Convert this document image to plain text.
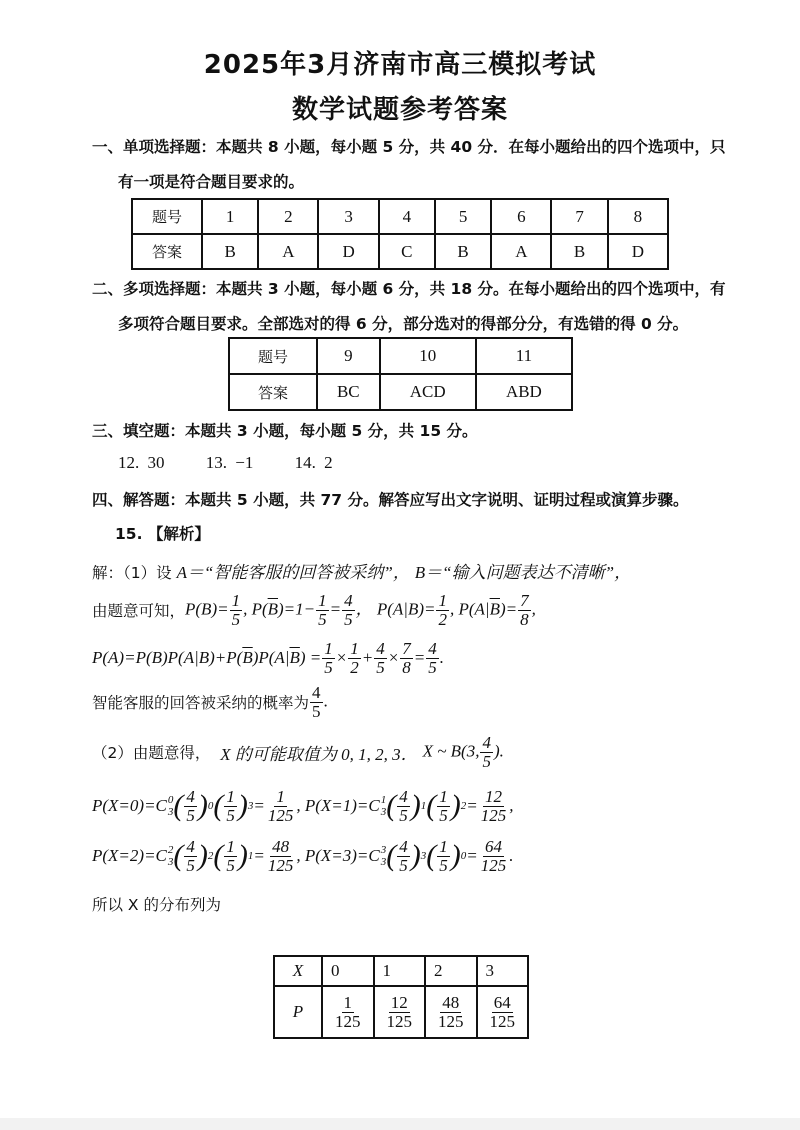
2025年3月济南市高三模拟考试
数学试题参考答案
一、单项选择题：本题共 8 小题，每小题 5 分，共 40 分．在每小题给出的四个选项中，只
有一项是符合题目要求的。
题号	1	2	3	4	5	6	7	8
答案	B	A	D	C	B	A	B	D
二、多项选择题：本题共 3 小题，每小题 6 分，共 18 分。在每小题给出的四个选项中，有
多项符合题目要求。全部选对的得 6 分，部分选对的得部分分，有选错的得 0 分。
题号	9	10	11
答案	BC	ACD	ABD
三、填空题：本题共 3 小题，每小题 5 分，共 15 分。
12. 30 13. −1 14. 2
四、解答题：本题共 5 小题，共 77 分。解答应写出文字说明、证明过程或演算步骤。
15. 【解析】
解：（1）设 A＝“智能客服的回答被采纳”， B＝“输入问题表达不清晰”，
由题意可知， $P(B)= \frac{1}{5}$ , $P(\overline{B})=1- \frac{1}{5} = \frac{4}{5}$ ， $P(A|B)= \frac{1}{2}$ , $P(A|\overline{B})= \frac{7}{8}$ ,
P(A)=P(B)P(A|B)+P( $\overline{B}$ )P(A| $\overline{B}$ ) = $\frac{1}{5} \times \frac{1}{2} + \frac{4}{5} \times \frac{7}{8} = \frac{4}{5}$ .
智能客服的回答被采纳的概率为 $\frac{4}{5}$ .
（2）由题意得，
X 的可能取值为 0, 1, 2, 3．
X ~ B(3, $\frac{4}{5}$ ).
P(X=0)=C 0
3 ( $\frac{4}{5}$ ) 0 ( $\frac{1}{5}$ ) $3 = \frac{1}{125}$ , P(X=1)=C 1
3 ( $\frac{4}{5}$ ) 1 ( $\frac{1}{5}$ ) $2 = \frac{12}{125}$ ,
P(X=2)=C 2
3 ( $\frac{4}{5}$ ) 2 ( $\frac{1}{5}$ ) $1 = \frac{48}{125}$ , P(X=3)=C 3
3 ( $\frac{4}{5}$ ) 3 ( $\frac{1}{5}$ ) $0 = \frac{64}{125}$ .
所以 X 的分布列为
X	0	1	2	3
P	$\frac{1}{125}$	$\frac{12}{125}$	$\frac{48}{125}$	$\frac{64}{125}$
